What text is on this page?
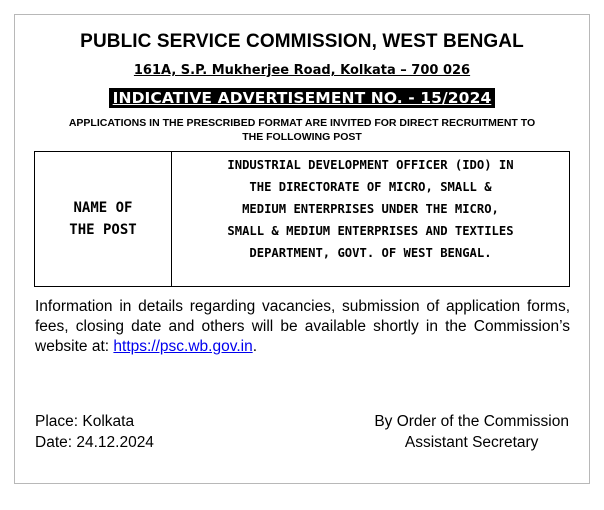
PUBLIC SERVICE COMMISSION, WEST BENGAL
161A, S.P. Mukherjee Road, Kolkata – 700 026
INDICATIVE ADVERTISEMENT NO. - 15/2024
APPLICATIONS IN THE PRESCRIBED FORMAT ARE INVITED FOR DIRECT RECRUITMENT TO
THE FOLLOWING POST
NAME OF
THE POST
INDUSTRIAL DEVELOPMENT OFFICER (IDO) IN
THE DIRECTORATE OF MICRO, SMALL &
MEDIUM ENTERPRISES UNDER THE MICRO,
SMALL & MEDIUM ENTERPRISES AND TEXTILES
DEPARTMENT, GOVT. OF WEST BENGAL.
Information in details regarding vacancies, submission of application forms, fees, closing date and others will be available shortly in the Commission’s website at: https://psc.wb.gov.in.
Place: Kolkata
Date: 24.12.2024
By Order of the Commission
Assistant Secretary
